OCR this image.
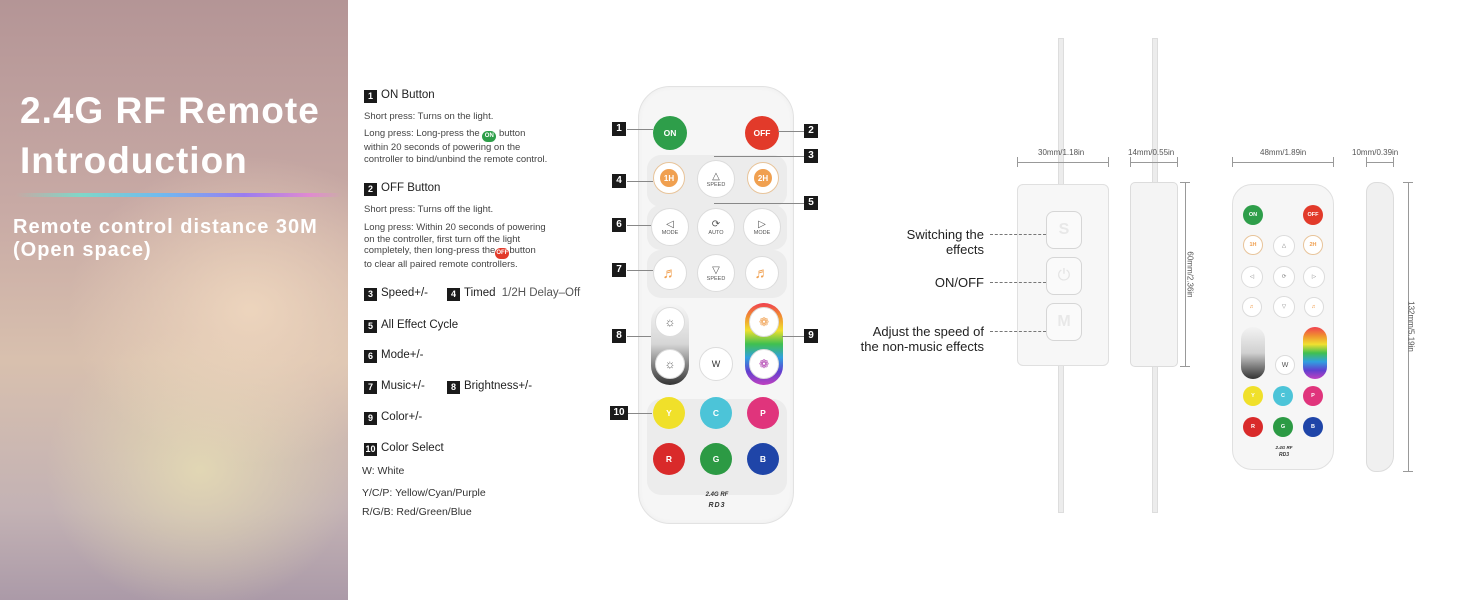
2.4G RF Remote Introduction
Remote control distance 30M (Open space)
1 ON Button
Short press: Turns on the light.
Long press: Long-press the ON button
within 20 seconds of powering on the
controller to bind/unbind the remote control.
2 OFF Button
Short press: Turns off the light.
Long press: Within 20 seconds of powering
on the controller, first turn off the light
completely, then long-press theOFFbutton
to clear all paired remote controllers.
3 Speed+/-	4 Timed 1/2H Delay–Off
5 All Effect Cycle
6 Mode+/-
7 Music+/-	8 Brightness+/-
9 Color+/-
10 Color Select
W: White
Y/C/P: Yellow/Cyan/Purple
R/G/B: Red/Green/Blue
ON	OFF
1H	△
SPEED
2H
◁
MODE
⟳
AUTO
▷
MODE
♬	▽
SPEED ♬
☼
☼	W
❁
❁
Y	C	P
R	G	B
2.4G RF
RD3
1	2
3
4
5
6
7
8	9
10
S
⏻
M
Switching the
effects
ON/OFF
Adjust the speed of
the non-music effects
30mm/1.18in	14mm/0.55in
60mm/2.36in
ON	OFF
1H	△	2H
◁	⟳	▷
♬	▽	♬
W
Y	C	P
R	G	B
2.4G RF
RD3
48mm/1.89in	10mm/0.39in
132mm/5.19in
